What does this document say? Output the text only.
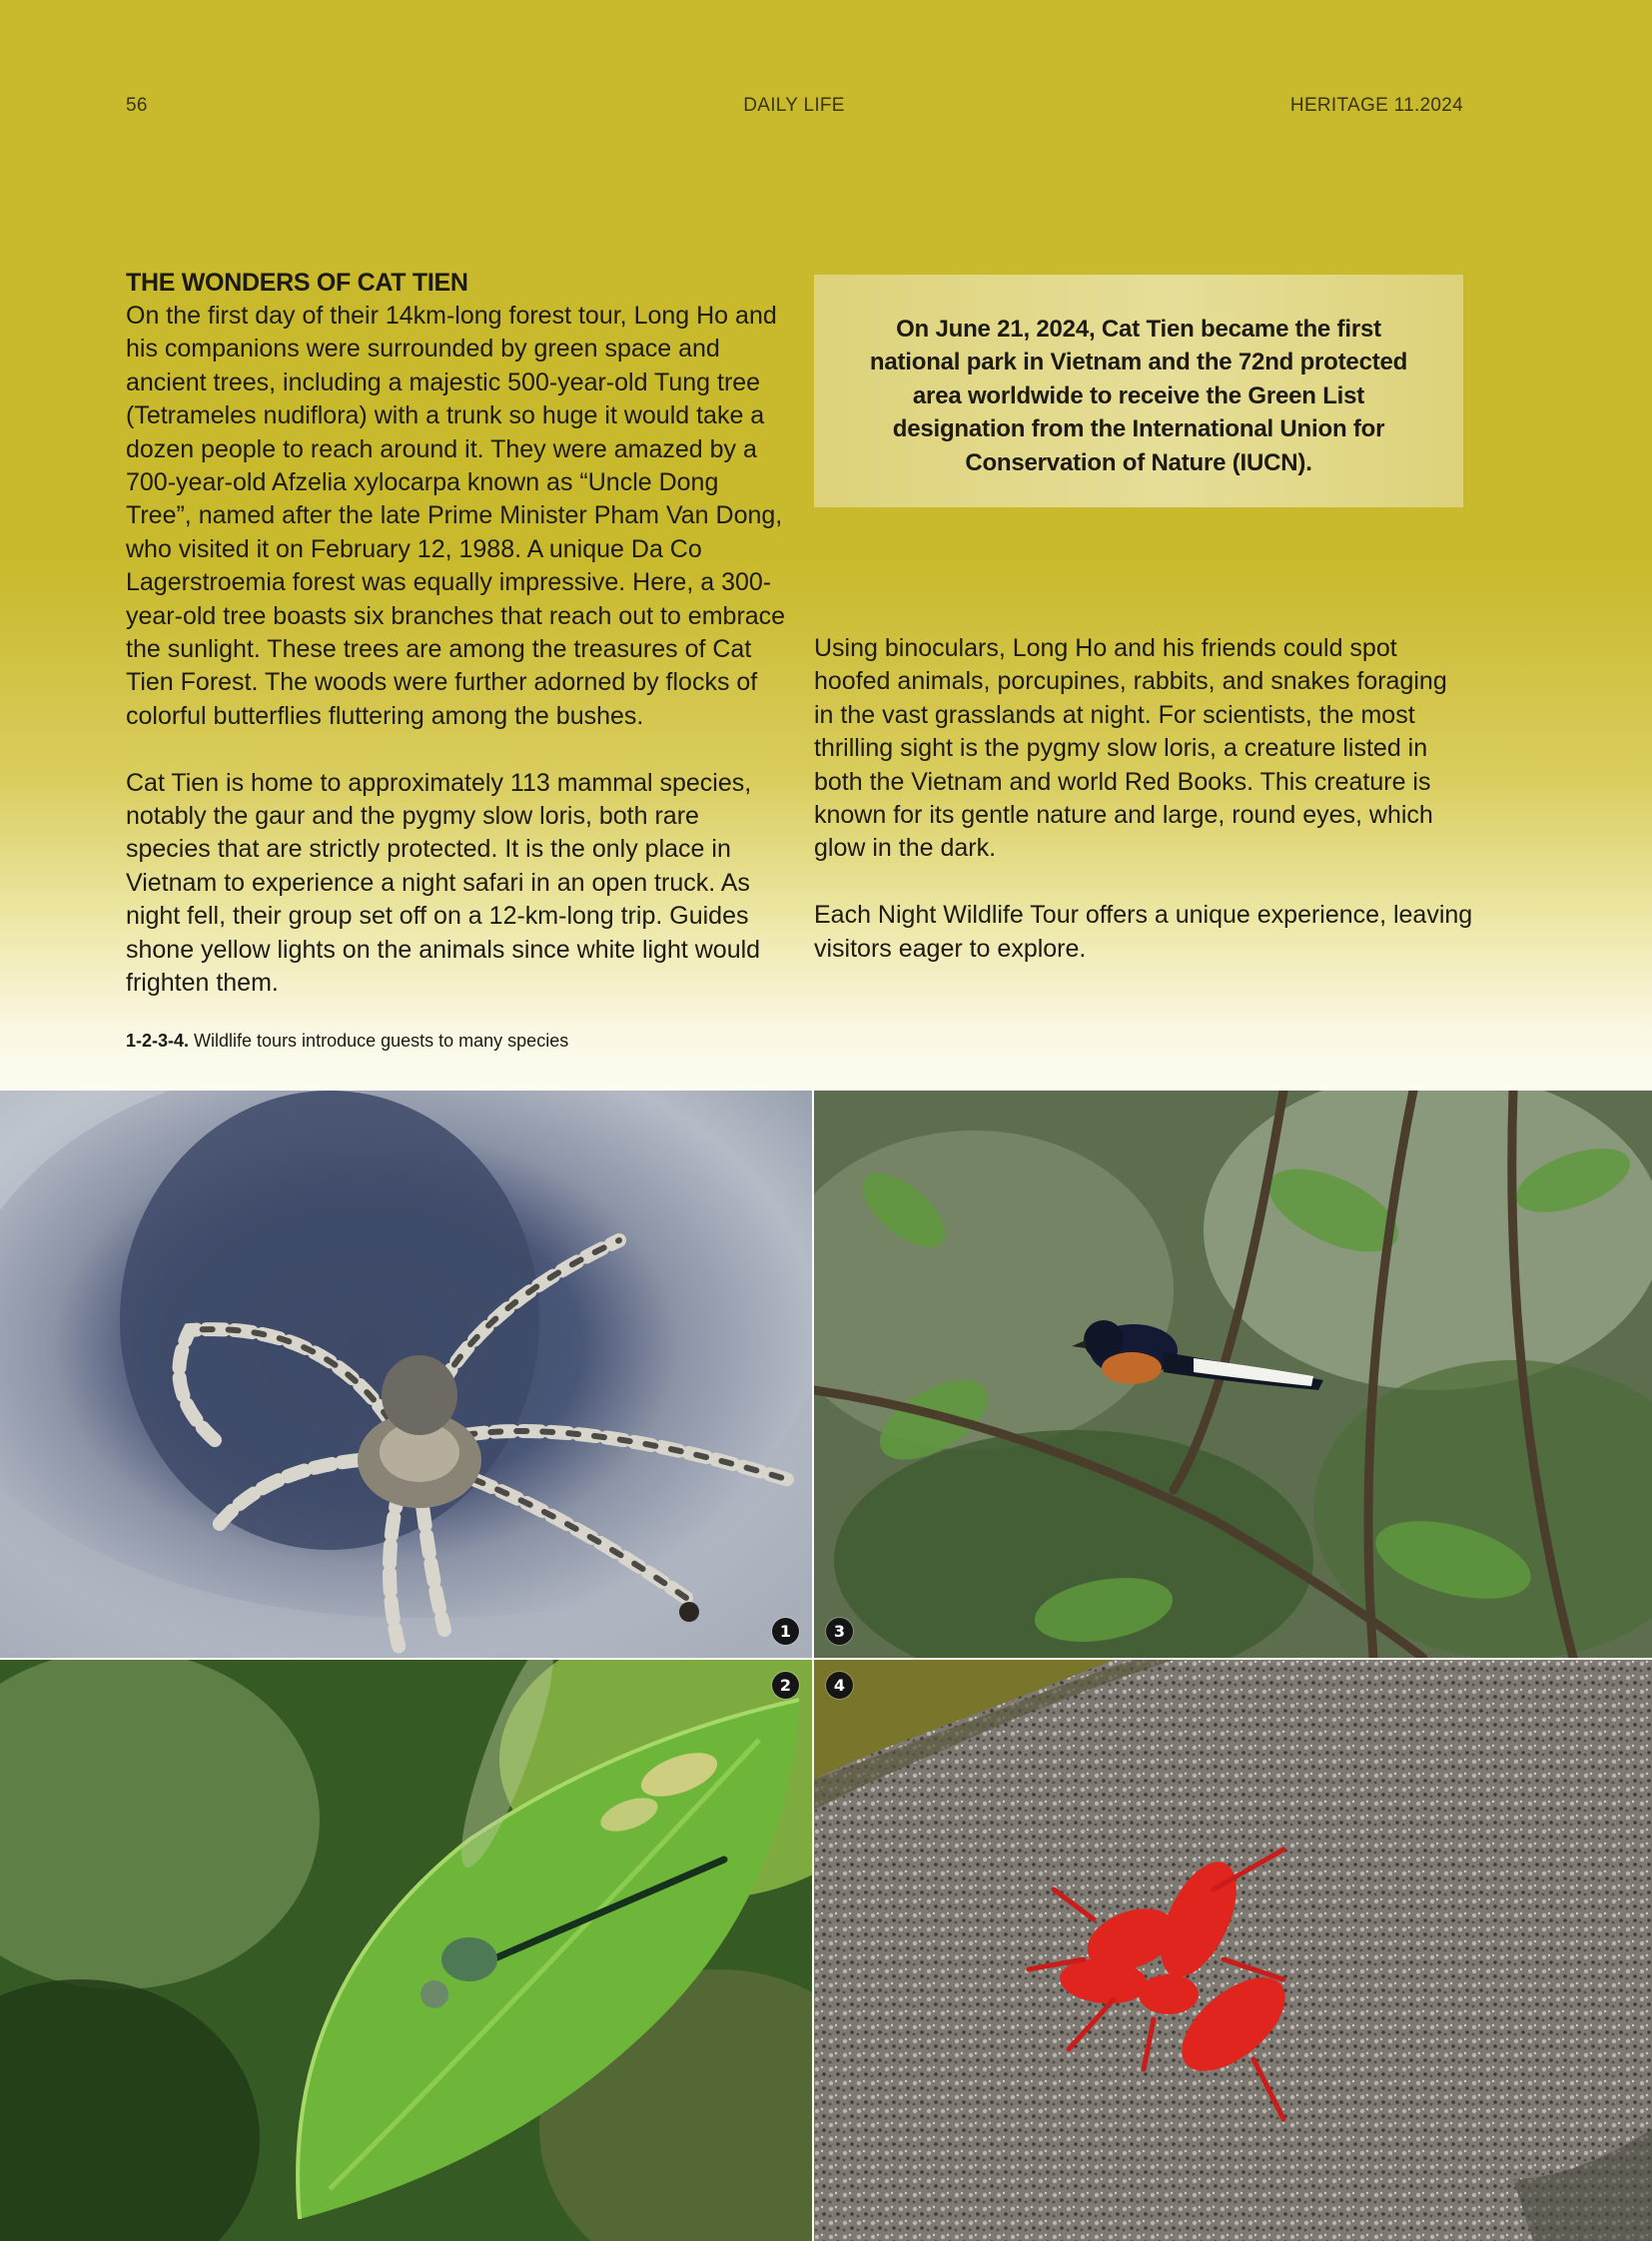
56	DAILY LIFE	HERITAGE 11.2024
THE WONDERS OF CAT TIEN

On the first day of their 14km-long forest tour, Long Ho and his companions were surrounded by green space and ancient trees, including a majestic 500-year-old Tung tree (Tetrameles nudiflora) with a trunk so huge it would take a dozen people to reach around it. They were amazed by a 700-year-old Afzelia xylocarpa known as “Uncle Dong Tree”, named after the late Prime Minister Pham Van Dong, who visited it on February 12, 1988. A unique Da Co Lagerstroemia forest was equally impressive. Here, a 300-year-old tree boasts six branches that reach out to embrace the sunlight. These trees are among the treasures of Cat Tien Forest. The woods were further adorned by flocks of colorful butterflies fluttering among the bushes.

Cat Tien is home to approximately 113 mammal species, notably the gaur and the pygmy slow loris, both rare species that are strictly protected. It is the only place in Vietnam to experience a night safari in an open truck. As night fell, their group set off on a 12-km-long trip. Guides shone yellow lights on the animals since white light would frighten them.

On June 21, 2024, Cat Tien became the first national park in Vietnam and the 72nd protected area worldwide to receive the Green List designation from the International Union for Conservation of Nature (IUCN).

Using binoculars, Long Ho and his friends could spot hoofed animals, porcupines, rabbits, and snakes foraging in the vast grasslands at night. For scientists, the most thrilling sight is the pygmy slow loris, a creature listed in both the Vietnam and world Red Books. This creature is known for its gentle nature and large, round eyes, which glow in the dark.

Each Night Wildlife Tour offers a unique experience, leaving visitors eager to explore.

1-2-3-4. Wildlife tours introduce guests to many species
1
2
3
4
